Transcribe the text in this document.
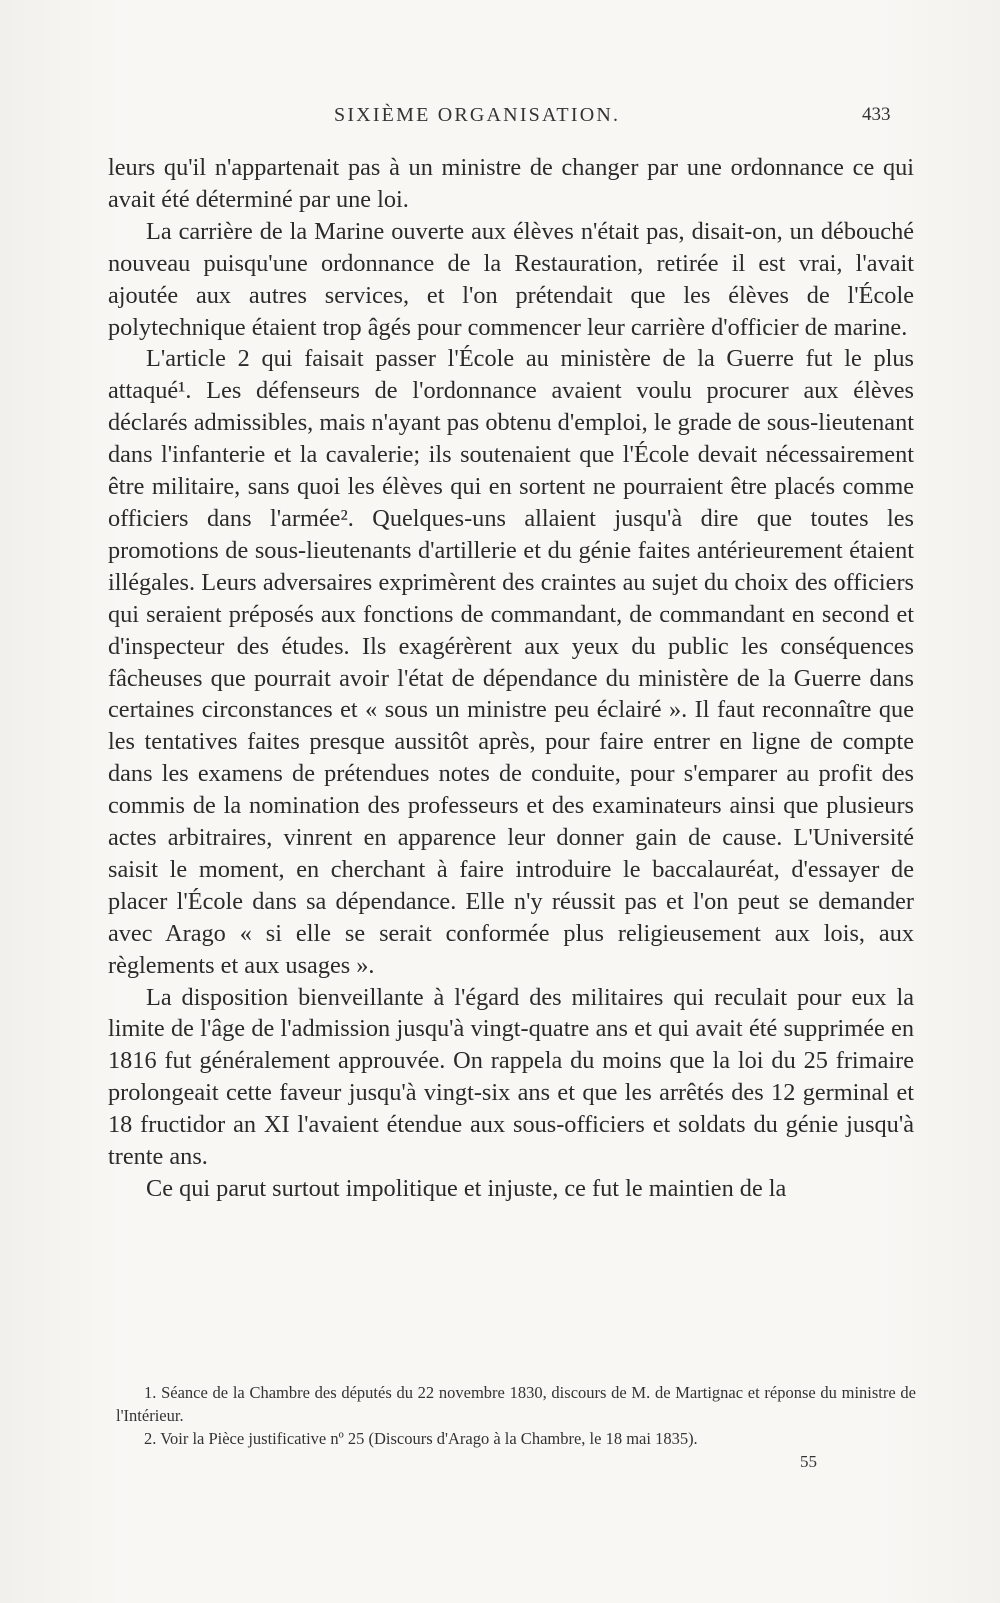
SIXIÈME ORGANISATION.	433

leurs qu'il n'appartenait pas à un ministre de changer par une ordonnance ce qui avait été déterminé par une loi.

La carrière de la Marine ouverte aux élèves n'était pas, disait-on, un débouché nouveau puisqu'une ordonnance de la Restauration, retirée il est vrai, l'avait ajoutée aux autres services, et l'on prétendait que les élèves de l'École polytechnique étaient trop âgés pour commencer leur carrière d'officier de marine.

L'article 2 qui faisait passer l'École au ministère de la Guerre fut le plus attaqué¹. Les défenseurs de l'ordonnance avaient voulu procurer aux élèves déclarés admissibles, mais n'ayant pas obtenu d'emploi, le grade de sous-lieutenant dans l'infanterie et la cavalerie; ils soutenaient que l'École devait nécessairement être militaire, sans quoi les élèves qui en sortent ne pourraient être placés comme officiers dans l'armée². Quelques-uns allaient jusqu'à dire que toutes les promotions de sous-lieutenants d'artillerie et du génie faites antérieurement étaient illégales. Leurs adversaires exprimèrent des craintes au sujet du choix des officiers qui seraient préposés aux fonctions de commandant, de commandant en second et d'inspecteur des études. Ils exagérèrent aux yeux du public les conséquences fâcheuses que pourrait avoir l'état de dépendance du ministère de la Guerre dans certaines circonstances et « sous un ministre peu éclairé ». Il faut reconnaître que les tentatives faites presque aussitôt après, pour faire entrer en ligne de compte dans les examens de prétendues notes de conduite, pour s'emparer au profit des commis de la nomination des professeurs et des examinateurs ainsi que plusieurs actes arbitraires, vinrent en apparence leur donner gain de cause. L'Université saisit le moment, en cherchant à faire introduire le baccalauréat, d'essayer de placer l'École dans sa dépendance. Elle n'y réussit pas et l'on peut se demander avec Arago « si elle se serait conformée plus religieusement aux lois, aux règlements et aux usages ».

La disposition bienveillante à l'égard des militaires qui reculait pour eux la limite de l'âge de l'admission jusqu'à vingt-quatre ans et qui avait été supprimée en 1816 fut généralement approuvée. On rappela du moins que la loi du 25 frimaire prolongeait cette faveur jusqu'à vingt-six ans et que les arrêtés des 12 germinal et 18 fructidor an XI l'avaient étendue aux sous-officiers et soldats du génie jusqu'à trente ans.

Ce qui parut surtout impolitique et injuste, ce fut le maintien de la

1. Séance de la Chambre des députés du 22 novembre 1830, discours de M. de Martignac et réponse du ministre de l'Intérieur.

2. Voir la Pièce justificative nº 25 (Discours d'Arago à la Chambre, le 18 mai 1835).

55
